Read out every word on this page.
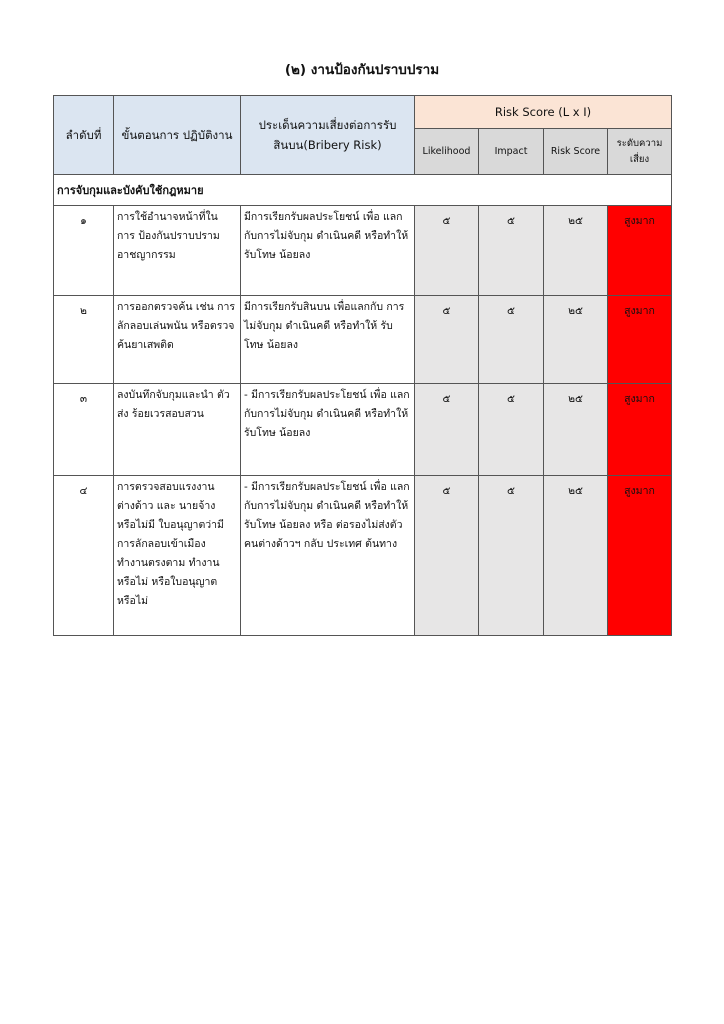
(๒) งานป้องกันปราบปราม
ลำดับที่	ขั้นตอนการ ปฏิบัติงาน	ประเด็นความเสี่ยงต่อการรับ สินบน(Bribery Risk)	Risk Score (L x I)			
			Likelihood	Impact	Risk Score	ระดับความ เสี่ยง
การจับกุมและบังคับใช้กฎหมาย						
๑	การใช้อำนาจหน้าที่ใน การ ป้องกันปราบปราม อาชญากรรม	มีการเรียกรับผลประโยชน์ เพื่อ แลกกับการไม่จับกุม ดำเนินคดี หรือทำให้รับโทษ น้อยลง	๕	๕	๒๕	สูงมาก
๒	การออกตรวจค้น เช่น การ ลักลอบเล่นพนัน หรือตรวจ ค้นยาเสพติด	มีการเรียกรับสินบน เพื่อแลกกับ การไม่จับกุม ดำเนินคดี หรือทำให้ รับโทษ น้อยลง	๕	๕	๒๕	สูงมาก
๓	ลงบันทึกจับกุมและนำ ตัวส่ง ร้อยเวรสอบสวน	- มีการเรียกรับผลประโยชน์ เพื่อ แลกกับการไม่จับกุม ดำเนินคดี หรือทำให้รับโทษ น้อยลง	๕	๕	๒๕	สูงมาก
๔	การตรวจสอบแรงงาน ต่างด้าว และ นายจ้าง หรือไม่มี ใบอนุญาตว่ามี การลักลอบเข้าเมือง ทำงานตรงตาม ทำงาน หรือไม่ หรือใบอนุญาต หรือไม่	- มีการเรียกรับผลประโยชน์ เพื่อ แลกกับการไม่จับกุม ดำเนินคดี หรือทำให้รับโทษ น้อยลง หรือ ต่อรองไม่ส่งตัว คนต่างด้าวฯ กลับ ประเทศ ต้นทาง	๕	๕	๒๕	สูงมาก
